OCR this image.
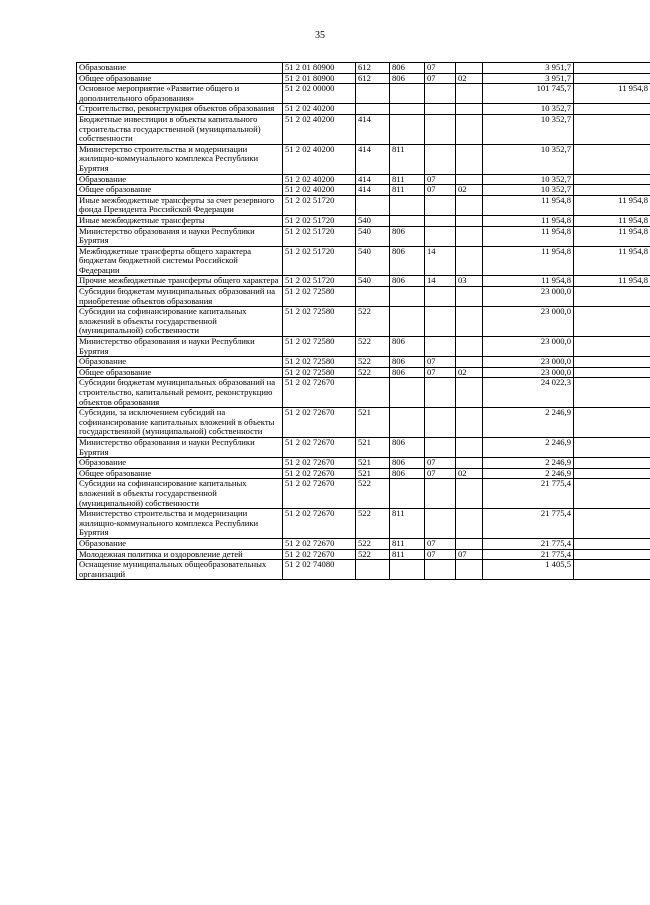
35
Образование	51 2 01 80900	612	806	07		3 951,7	
Общее образование	51 2 01 80900	612	806	07	02	3 951,7	
Основное мероприятие «Развитие общего и дополнительного образования»	51 2 02 00000					101 745,7	11 954,8
Строительство, реконструкция объектов образования	51 2 02 40200					10 352,7	
Бюджетные инвестиции в объекты капитального строительства государственной (муниципальной) собственности	51 2 02 40200	414				10 352,7	
Министерство строительства и модернизации жилищно-коммунального комплекса Республики Бурятия	51 2 02 40200	414	811			10 352,7	
Образование	51 2 02 40200	414	811	07		10 352,7	
Общее образование	51 2 02 40200	414	811	07	02	10 352,7	
Иные межбюджетные трансферты за счет резервного фонда Президента Российской Федерации	51 2 02 51720					11 954,8	11 954,8
Иные межбюджетные трансферты	51 2 02 51720	540				11 954,8	11 954,8
Министерство образования и науки Республики Бурятия	51 2 02 51720	540	806			11 954,8	11 954,8
Межбюджетные трансферты общего характера бюджетам бюджетной системы Российской Федерации	51 2 02 51720	540	806	14		11 954,8	11 954,8
Прочие межбюджетные трансферты общего характера	51 2 02 51720	540	806	14	03	11 954,8	11 954,8
Субсидии бюджетам муниципальных образований на приобретение объектов образования	51 2 02 72580					23 000,0	
Субсидии на софинансирование капитальных вложений в объекты государственной (муниципальной) собственности	51 2 02 72580	522				23 000,0	
Министерство образования и науки Республики Бурятия	51 2 02 72580	522	806			23 000,0	
Образование	51 2 02 72580	522	806	07		23 000,0	
Общее образование	51 2 02 72580	522	806	07	02	23 000,0	
Субсидии бюджетам муниципальных образований на строительство, капитальный ремонт, реконструкцию объектов образования	51 2 02 72670					24 022,3	
Субсидии, за исключением субсидий на софинансирование капитальных вложений в объекты государственной (муниципальной) собственности	51 2 02 72670	521				2 246,9	
Министерство образования и науки Республики Бурятия	51 2 02 72670	521	806			2 246,9	
Образование	51 2 02 72670	521	806	07		2 246,9	
Общее образование	51 2 02 72670	521	806	07	02	2 246,9	
Субсидии на софинансирование капитальных вложений в объекты государственной (муниципальной) собственности	51 2 02 72670	522				21 775,4	
Министерство строительства и модернизации жилищно-коммунального комплекса Республики Бурятия	51 2 02 72670	522	811			21 775,4	
Образование	51 2 02 72670	522	811	07		21 775,4	
Молодежная политика и оздоровление детей	51 2 02 72670	522	811	07	07	21 775,4	
Оснащение муниципальных общеобразовательных организаций	51 2 02 74080					1 405,5	
